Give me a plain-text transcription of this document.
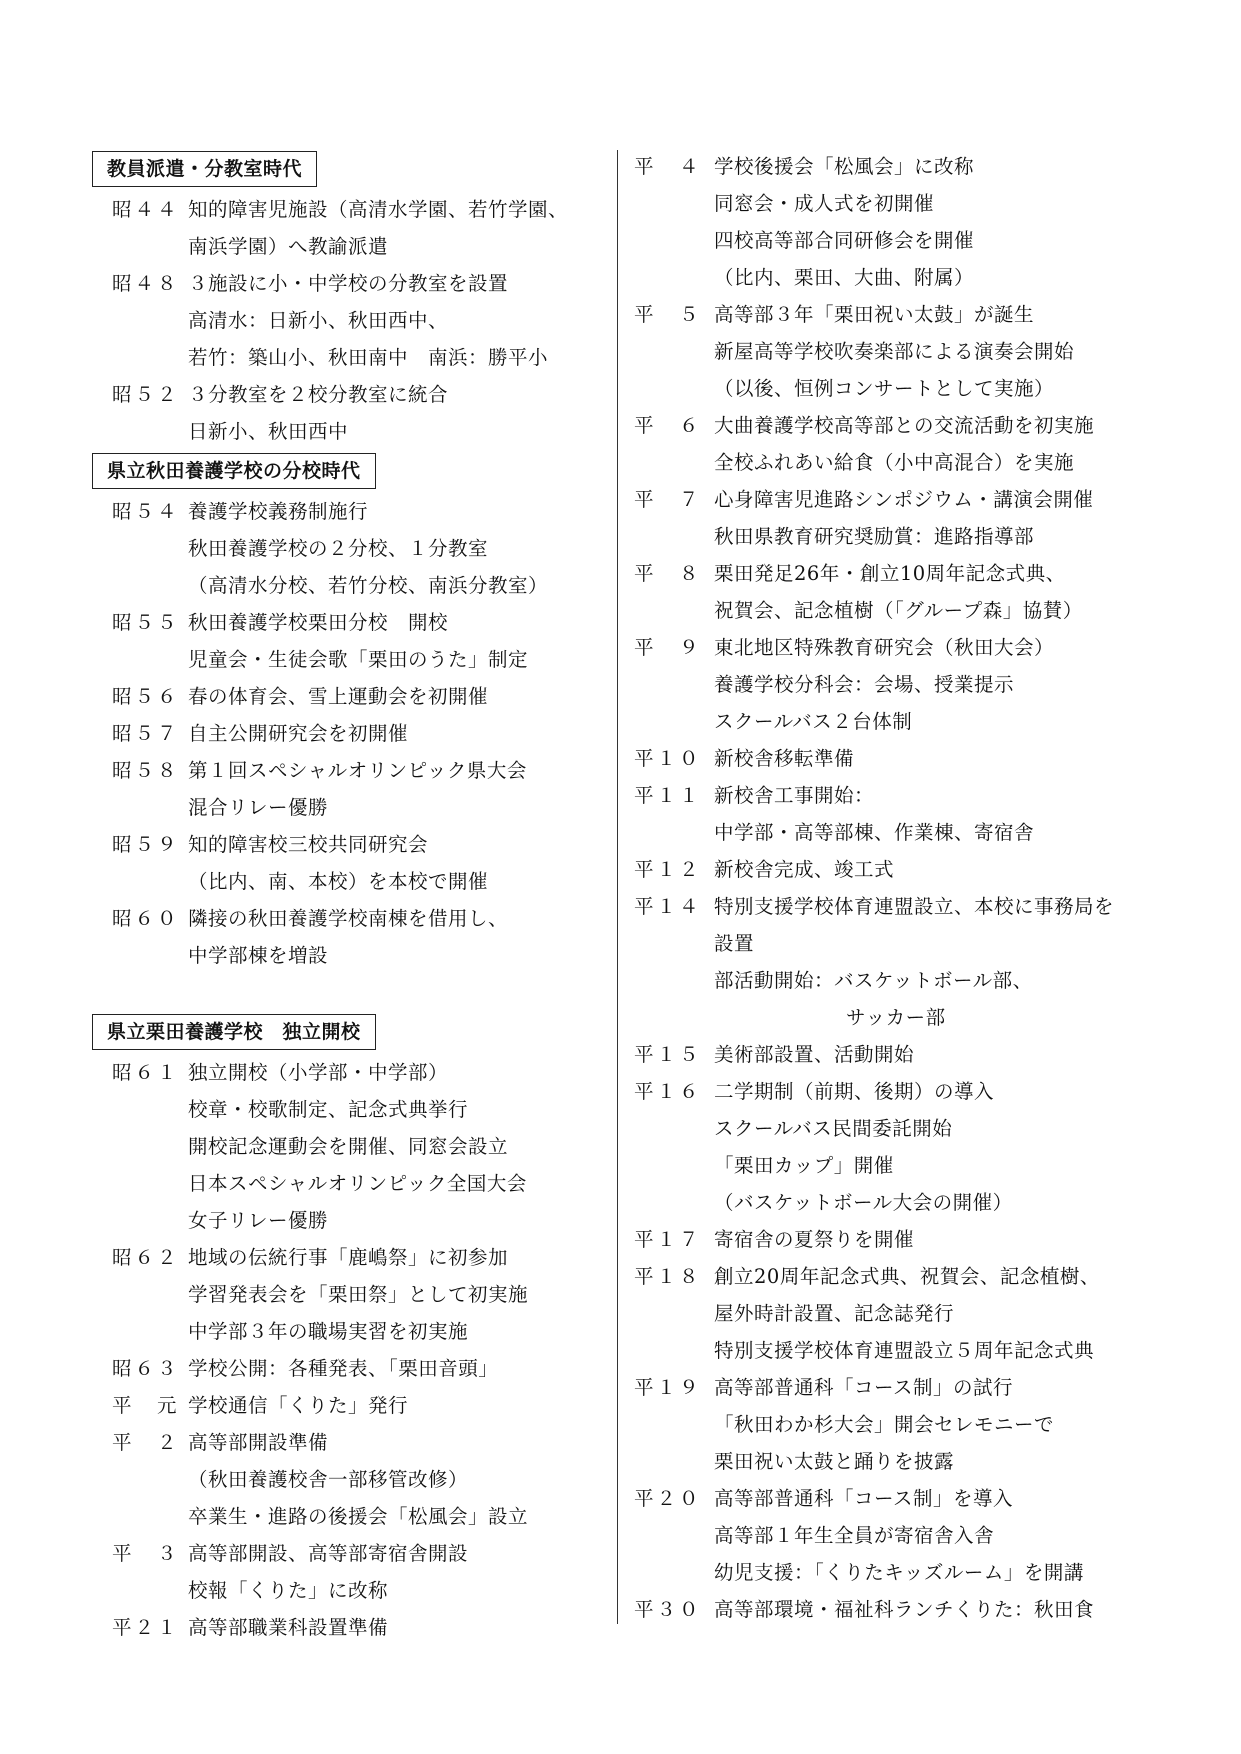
教員派遣・分教室時代
昭４４ 知的障害児施設（高清水学園、若竹学園、
南浜学園）へ教諭派遣
昭４８ ３施設に小・中学校の分教室を設置
高清水：日新小、秋田西中、
若竹：築山小、秋田南中　南浜：勝平小
昭５２ ３分教室を２校分教室に統合
日新小、秋田西中
県立秋田養護学校の分校時代
昭５４ 養護学校義務制施行
秋田養護学校の２分校、１分教室
（高清水分校、若竹分校、南浜分教室）
昭５５ 秋田養護学校栗田分校　開校
児童会・生徒会歌「栗田のうた」制定
昭５６ 春の体育会、雪上運動会を初開催
昭５７ 自主公開研究会を初開催
昭５８ 第１回スペシャルオリンピック県大会
混合リレー優勝
昭５９ 知的障害校三校共同研究会
（比内、南、本校）を本校で開催
昭６０ 隣接の秋田養護学校南棟を借用し、
中学部棟を増設
県立栗田養護学校　独立開校
昭６１ 独立開校（小学部・中学部）
校章・校歌制定、記念式典挙行
開校記念運動会を開催、同窓会設立
日本スペシャルオリンピック全国大会
女子リレー優勝
昭６２ 地域の伝統行事「鹿嶋祭」に初参加
学習発表会を「栗田祭」として初実施
中学部３年の職場実習を初実施
昭６３ 学校公開：各種発表、「栗田音頭」
平　元 学校通信「くりた」発行
平　２ 高等部開設準備
（秋田養護校舎一部移管改修）
卒業生・進路の後援会「松風会」設立
平　３ 高等部開設、高等部寄宿舎開設
校報「くりた」に改称
平２１ 高等部職業科設置準備
平　４ 学校後援会「松風会」に改称
同窓会・成人式を初開催
四校高等部合同研修会を開催
（比内、栗田、大曲、附属）
平　５ 高等部３年「栗田祝い太鼓」が誕生
新屋高等学校吹奏楽部による演奏会開始
（以後、恒例コンサートとして実施）
平　６ 大曲養護学校高等部との交流活動を初実施
全校ふれあい給食（小中高混合）を実施
平　７ 心身障害児進路シンポジウム・講演会開催
秋田県教育研究奨励賞：進路指導部
平　８ 栗田発足26年・創立10周年記念式典、
祝賀会、記念植樹（「グループ森」協賛）
平　９ 東北地区特殊教育研究会（秋田大会）
養護学校分科会：会場、授業提示
スクールバス２台体制
平１０ 新校舎移転準備
平１１ 新校舎工事開始：
中学部・高等部棟、作業棟、寄宿舎
平１２ 新校舎完成、竣工式
平１４ 特別支援学校体育連盟設立、本校に事務局を
設置
部活動開始：バスケットボール部、
サッカー部
平１５ 美術部設置、活動開始
平１６ 二学期制（前期、後期）の導入
スクールバス民間委託開始
「栗田カップ」開催
（バスケットボール大会の開催）
平１７ 寄宿舎の夏祭りを開催
平１８ 創立20周年記念式典、祝賀会、記念植樹、
屋外時計設置、記念誌発行
特別支援学校体育連盟設立５周年記念式典
平１９ 高等部普通科「コース制」の試行
「秋田わか杉大会」開会セレモニーで
栗田祝い太鼓と踊りを披露
平２０ 高等部普通科「コース制」を導入
高等部１年生全員が寄宿舎入舎
幼児支援：「くりたキッズルーム」を開講
平３０ 高等部環境・福祉科ランチくりた：秋田食
